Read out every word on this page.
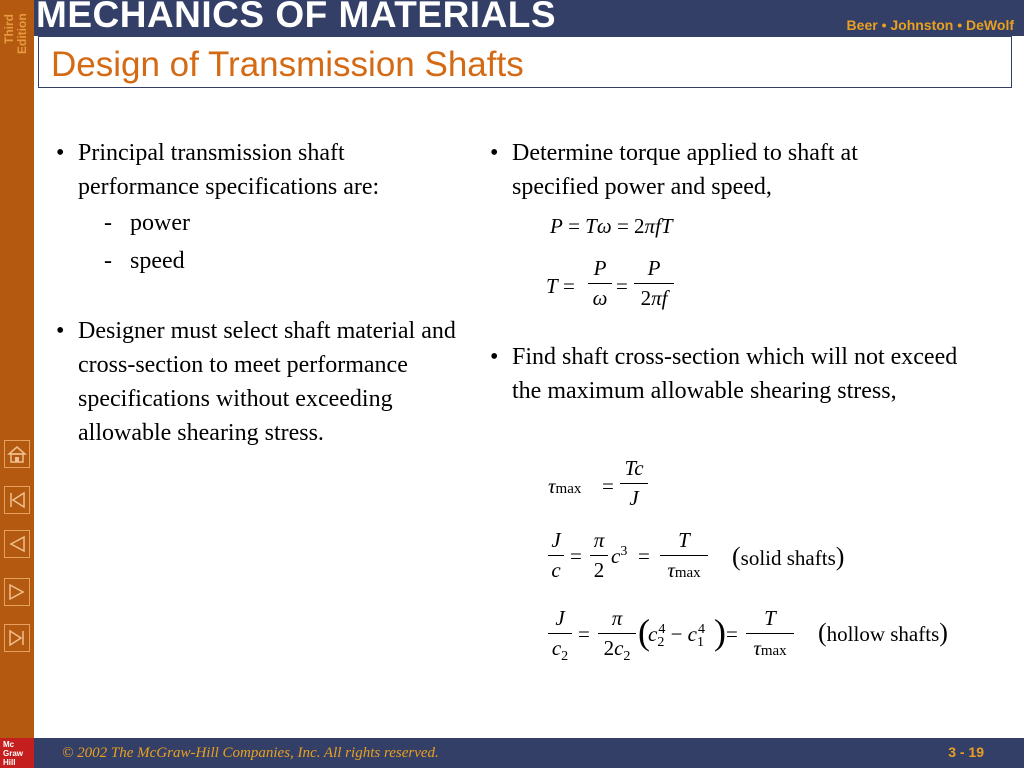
MECHANICS OF MATERIALS	Beer • Johnston • DeWolf
Third Edition
Design of Transmission Shafts
• Principal transmission shaft performance specifications are:
- power
- speed
• Designer must select shaft material and cross-section to meet performance specifications without exceeding allowable shearing stress.
• Determine torque applied to shaft at specified power and speed,
P = Tω = 2πfT
T =
P
ω =
P
2πf
• Find shaft cross-section which will not exceed the maximum allowable shearing stress,
τmax =
Tc
J
J
c
=
π
2
$c^3$ =
T
τmax
(solid shafts)
J
$c_2$
=
π
$2c_2$
(
$c_2^4 - c_1^4$ ) =
T
τmax
(hollow shafts)
Mc
Graw
Hill
© 2002 The McGraw-Hill Companies, Inc. All rights reserved.	3 - 19
